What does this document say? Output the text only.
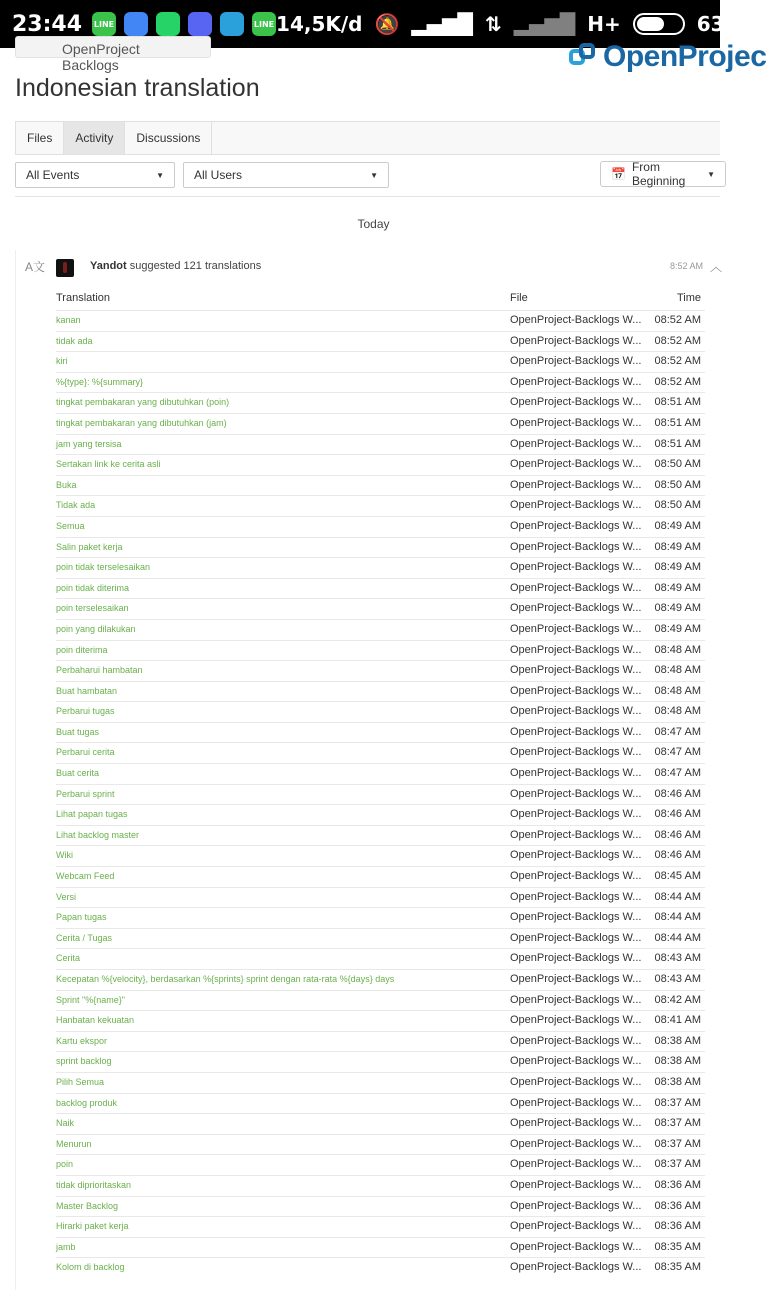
23:44 LINE	LINE 14,5K/d 🔕 ▂▄▆█ ⇅ ▂▄▆█ H+	63%
OpenProject Backlogs	OpenProjec
Indonesian translation
Files	Activity	Discussions
All Events	▼	All Users	▼	📅 From Beginning	▼
Today
A文	Yandot suggested 121 translations	8:52 AM ︿
Translation	File	Time
kanan	OpenProject-Backlogs W... 08:52 AM
tidak ada	OpenProject-Backlogs W... 08:52 AM
kiri	OpenProject-Backlogs W... 08:52 AM
%{type}: %{summary}	OpenProject-Backlogs W... 08:52 AM
tingkat pembakaran yang dibutuhkan (poin)	OpenProject-Backlogs W... 08:51 AM
tingkat pembakaran yang dibutuhkan (jam)	OpenProject-Backlogs W... 08:51 AM
jam yang tersisa	OpenProject-Backlogs W... 08:51 AM
Sertakan link ke cerita asli	OpenProject-Backlogs W... 08:50 AM
Buka	OpenProject-Backlogs W... 08:50 AM
Tidak ada	OpenProject-Backlogs W... 08:50 AM
Semua	OpenProject-Backlogs W... 08:49 AM
Salin paket kerja	OpenProject-Backlogs W... 08:49 AM
poin tidak terselesaikan	OpenProject-Backlogs W... 08:49 AM
poin tidak diterima	OpenProject-Backlogs W... 08:49 AM
poin terselesaikan	OpenProject-Backlogs W... 08:49 AM
poin yang dilakukan	OpenProject-Backlogs W... 08:49 AM
poin diterima	OpenProject-Backlogs W... 08:48 AM
Perbaharui hambatan	OpenProject-Backlogs W... 08:48 AM
Buat hambatan	OpenProject-Backlogs W... 08:48 AM
Perbarui tugas	OpenProject-Backlogs W... 08:48 AM
Buat tugas	OpenProject-Backlogs W... 08:47 AM
Perbarui cerita	OpenProject-Backlogs W... 08:47 AM
Buat cerita	OpenProject-Backlogs W... 08:47 AM
Perbarui sprint	OpenProject-Backlogs W... 08:46 AM
Lihat papan tugas	OpenProject-Backlogs W... 08:46 AM
Lihat backlog master	OpenProject-Backlogs W... 08:46 AM
Wiki	OpenProject-Backlogs W... 08:46 AM
Webcam Feed	OpenProject-Backlogs W... 08:45 AM
Versi	OpenProject-Backlogs W... 08:44 AM
Papan tugas	OpenProject-Backlogs W... 08:44 AM
Cerita / Tugas	OpenProject-Backlogs W... 08:44 AM
Cerita	OpenProject-Backlogs W... 08:43 AM
Kecepatan %{velocity}, berdasarkan %{sprints} sprint dengan rata-rata %{days} days	OpenProject-Backlogs W... 08:43 AM
Sprint "%{name}"	OpenProject-Backlogs W... 08:42 AM
Hanbatan kekuatan	OpenProject-Backlogs W... 08:41 AM
Kartu ekspor	OpenProject-Backlogs W... 08:38 AM
sprint backlog	OpenProject-Backlogs W... 08:38 AM
Pilih Semua	OpenProject-Backlogs W... 08:38 AM
backlog produk	OpenProject-Backlogs W... 08:37 AM
Naik	OpenProject-Backlogs W... 08:37 AM
Menurun	OpenProject-Backlogs W... 08:37 AM
poin	OpenProject-Backlogs W... 08:37 AM
tidak diprioritaskan	OpenProject-Backlogs W... 08:36 AM
Master Backlog	OpenProject-Backlogs W... 08:36 AM
Hirarki paket kerja	OpenProject-Backlogs W... 08:36 AM
jamb	OpenProject-Backlogs W... 08:35 AM
Kolom di backlog	OpenProject-Backlogs W... 08:35 AM
